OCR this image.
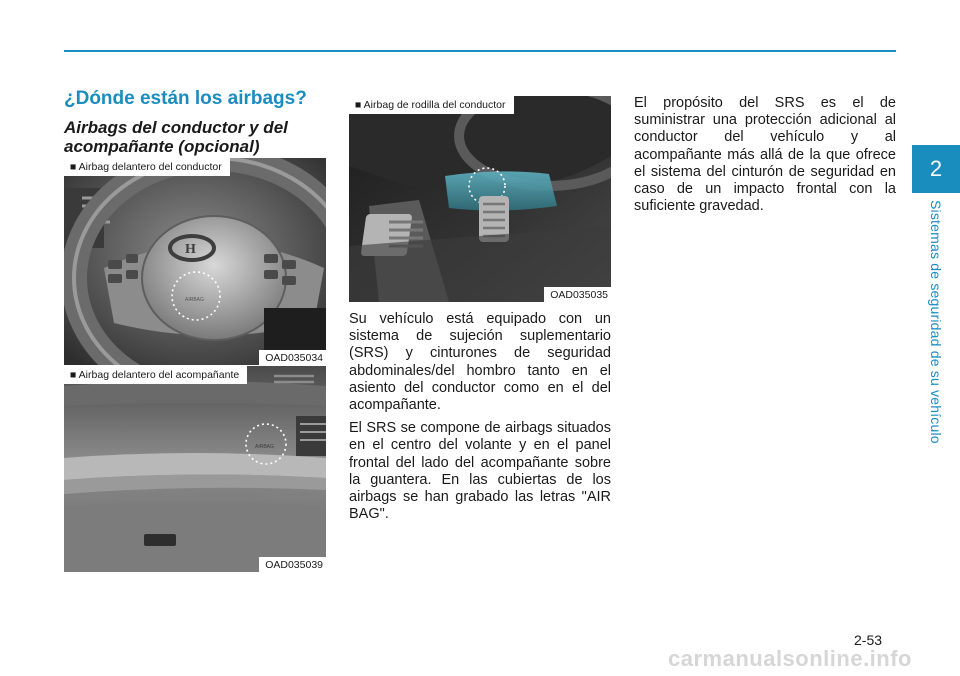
2
Sistemas de seguridad de su vehículo
¿Dónde están los airbags?
Airbags del conductor y del acompañante (opcional)
H
AIRBAG
■ Airbag delantero del conductor
OAD035034
AIRBAG
■ Airbag delantero del acompañante
OAD035039
■ Airbag de rodilla del conductor
OAD035035

Su vehículo está equipado con un sistema de sujeción suplementario (SRS) y cinturones de seguridad abdominales/del hombro tanto en el asiento del conductor como en el del acompañante.

El SRS se compone de airbags situados en el centro del volante y en el panel frontal del lado del acompañante sobre la guantera. En las cubiertas de los airbags se han grabado las letras "AIR BAG".

El propósito del SRS es el de suministrar una protección adicional al conductor del vehículo y al acompañante más allá de la que ofrece el sistema del cinturón de seguridad en caso de un impacto frontal con la suficiente gravedad.

2-53
carmanualsonline.info
